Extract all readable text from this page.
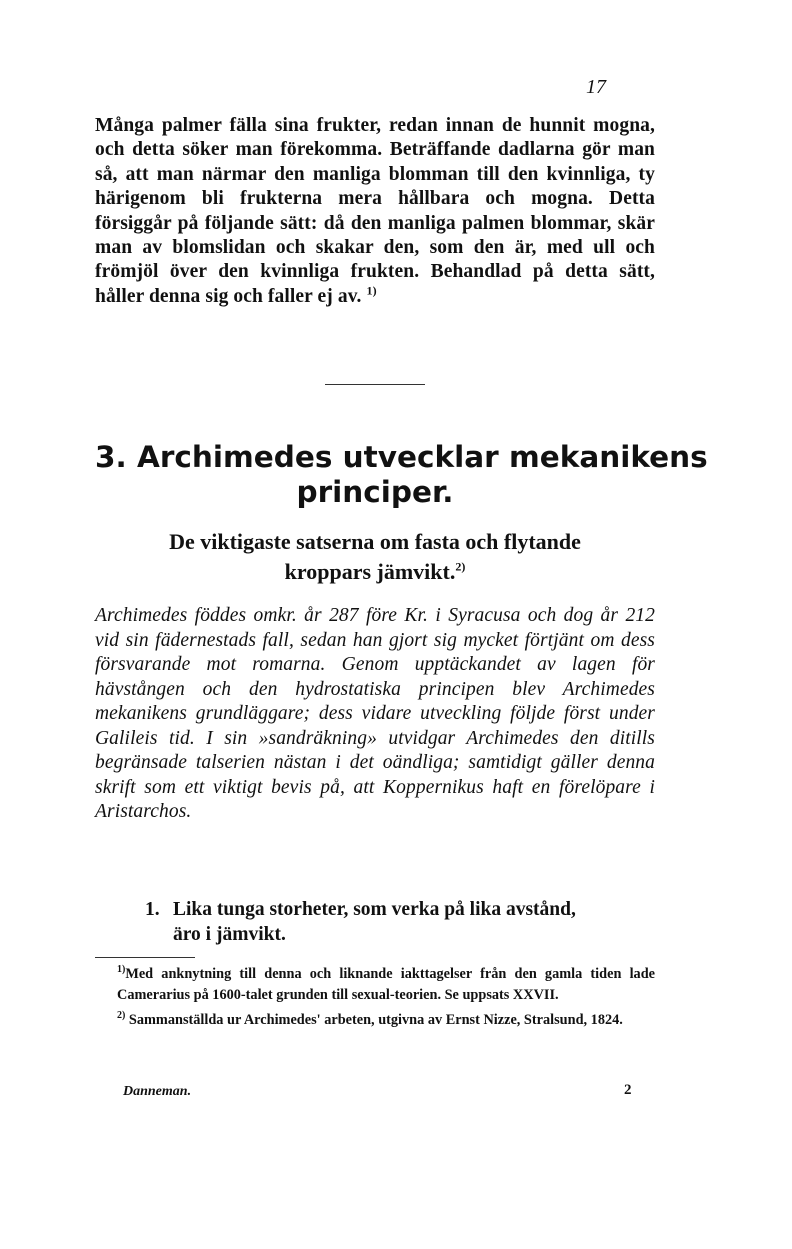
17

Många palmer fälla sina frukter, redan innan de hunnit mogna, och detta söker man förekomma. Beträffande dadlarna gör man så, att man närmar den manliga blomman till den kvinnliga, ty härigenom bli frukterna mera hållbara och mogna. Detta försiggår på följande sätt: då den manliga palmen blommar, skär man av blomslidan och skakar den, som den är, med ull och frömjöl över den kvinnliga frukten. Behandlad på detta sätt, håller denna sig och faller ej av. $^{1)}$

3. Archimedes utvecklar mekanikens
principer.
De viktigaste satserna om fasta och flytande
kroppars jämvikt.$^{2)}$

Archimedes föddes omkr. år 287 före Kr. i Syracusa och dog år 212 vid sin fädernestads fall, sedan han gjort sig mycket förtjänt om dess försvarande mot romarna. Genom upptäckandet av lagen för hävstången och den hydrostatiska principen blev Archimedes mekanikens grundläggare; dess vidare utveckling följde först under Galileis tid. I sin »sandräkning» utvidgar Archimedes den ditills begränsade talserien nästan i det oändliga; samtidigt gäller denna skrift som ett viktigt bevis på, att Koppernikus haft en förelöpare i Aristarchos.

1. Lika tunga storheter, som verka på lika avstånd,
äro i jämvikt.

$^{1)}$Med anknytning till denna och liknande iakttagelser från den gamla tiden lade Camerarius på 1600-talet grunden till sexual-teorien. Se uppsats XXVII.

$^{2)}$ Sammanställda ur Archimedes' arbeten, utgivna av Ernst Nizze, Stralsund, 1824.

Danneman.	2
